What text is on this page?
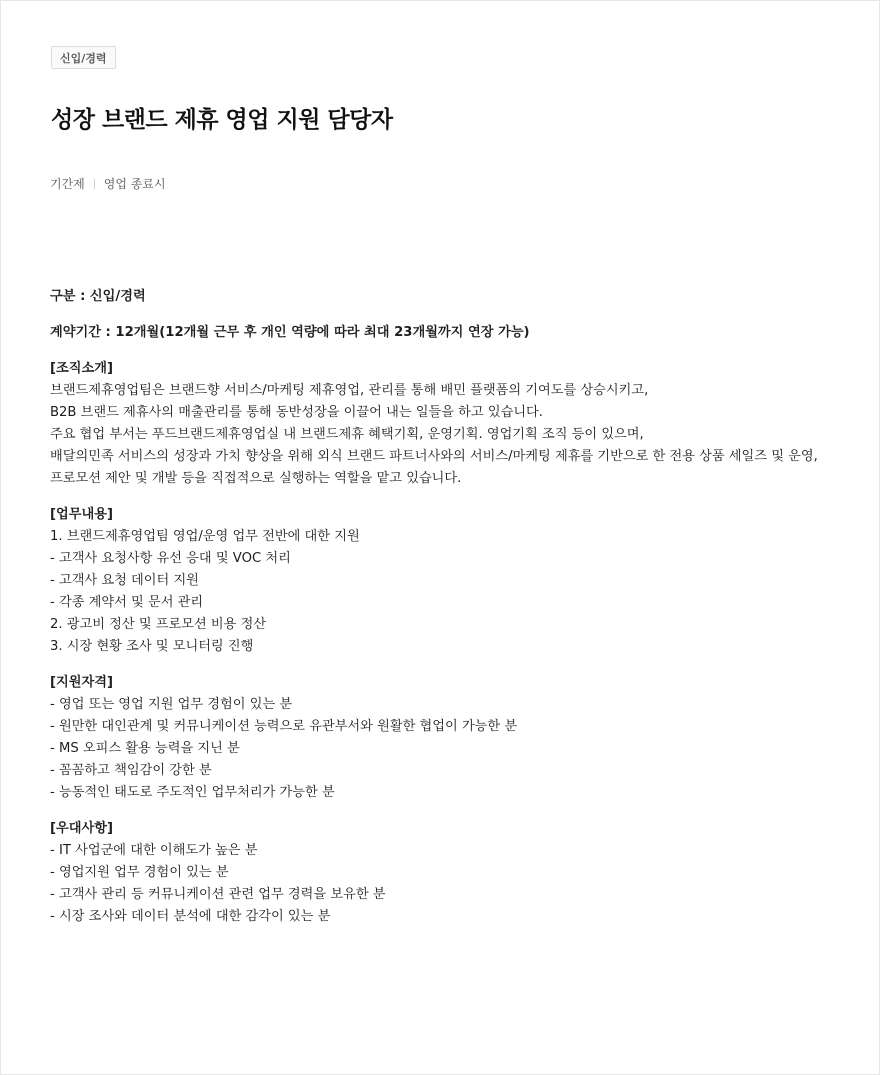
신입/경력
성장 브랜드 제휴 영업 지원 담당자
기간제 영업 종료시
구분 : 신입/경력
계약기간 : 12개월(12개월 근무 후 개인 역량에 따라 최대 23개월까지 연장 가능)
[조직소개]
브랜드제휴영업팀은 브랜드향 서비스/마케팅 제휴영업, 관리를 통해 배민 플랫폼의 기여도를 상승시키고,
B2B 브랜드 제휴사의 매출관리를 통해 동반성장을 이끌어 내는 일들을 하고 있습니다.
주요 협업 부서는 푸드브랜드제휴영업실 내 브랜드제휴 혜택기획, 운영기획. 영업기획 조직 등이 있으며,
배달의민족 서비스의 성장과 가치 향상을 위해 외식 브랜드 파트너사와의 서비스/마케팅 제휴를 기반으로 한 전용 상품 세일즈 및 운영, 프로모션 제안 및 개발 등을 직접적으로 실행하는 역할을 맡고 있습니다.
[업무내용]
1. 브랜드제휴영업팀 영업/운영 업무 전반에 대한 지원
- 고객사 요청사항 유선 응대 및 VOC 처리
- 고객사 요청 데이터 지원
- 각종 계약서 및 문서 관리
2. 광고비 정산 및 프로모션 비용 정산
3. 시장 현황 조사 및 모니터링 진행
[지원자격]
- 영업 또는 영업 지원 업무 경험이 있는 분
- 원만한 대인관계 및 커뮤니케이션 능력으로 유관부서와 원활한 협업이 가능한 분
- MS 오피스 활용 능력을 지닌 분
- 꼼꼼하고 책임감이 강한 분
- 능동적인 태도로 주도적인 업무처리가 가능한 분
[우대사항]
- IT 사업군에 대한 이해도가 높은 분
- 영업지원 업무 경험이 있는 분
- 고객사 관리 등 커뮤니케이션 관련 업무 경력을 보유한 분
- 시장 조사와 데이터 분석에 대한 감각이 있는 분
